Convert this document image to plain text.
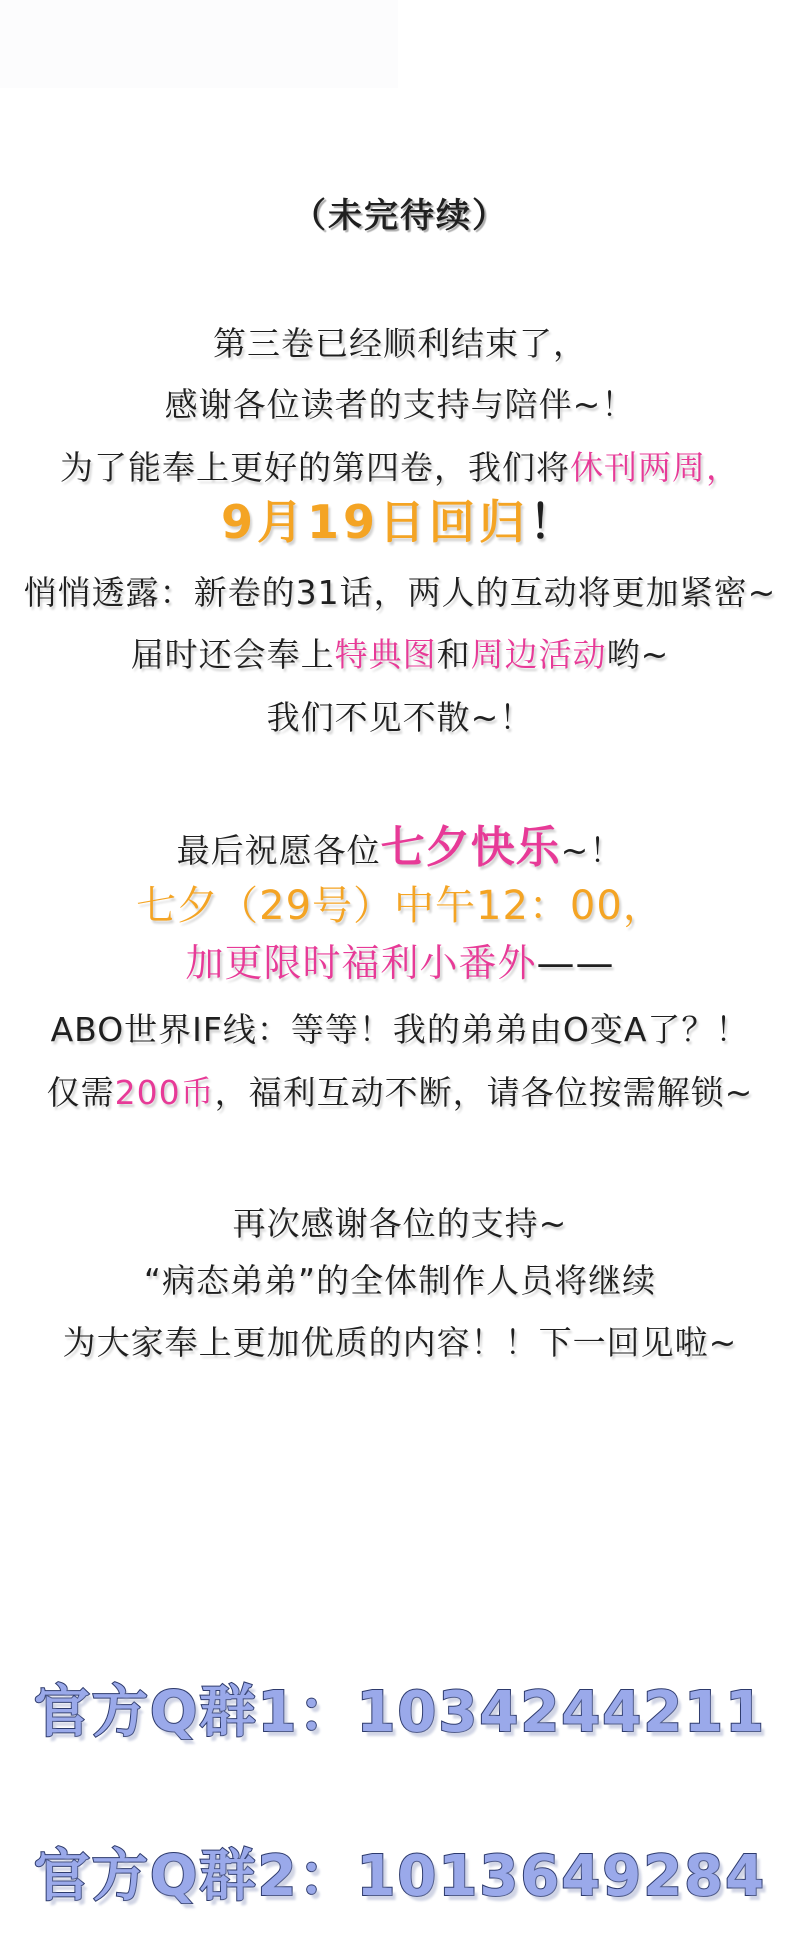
（未完待续）
第三卷已经顺利结束了，
感谢各位读者的支持与陪伴~！
为了能奉上更好的第四卷，我们将休刊两周，
9月19日回归！
悄悄透露：新卷的31话，两人的互动将更加紧密~
届时还会奉上特典图和周边活动哟~
我们不见不散~！
最后祝愿各位七夕快乐~！
七夕（29号）中午12：00，
加更限时福利小番外——
ABO世界IF线：等等！我的弟弟由O变A了？！
仅需200币，福利互动不断，请各位按需解锁~
再次感谢各位的支持~
“病态弟弟”的全体制作人员将继续
为大家奉上更加优质的内容！！下一回见啦~
官方Q群1：1034244211
官方Q群2：1013649284
